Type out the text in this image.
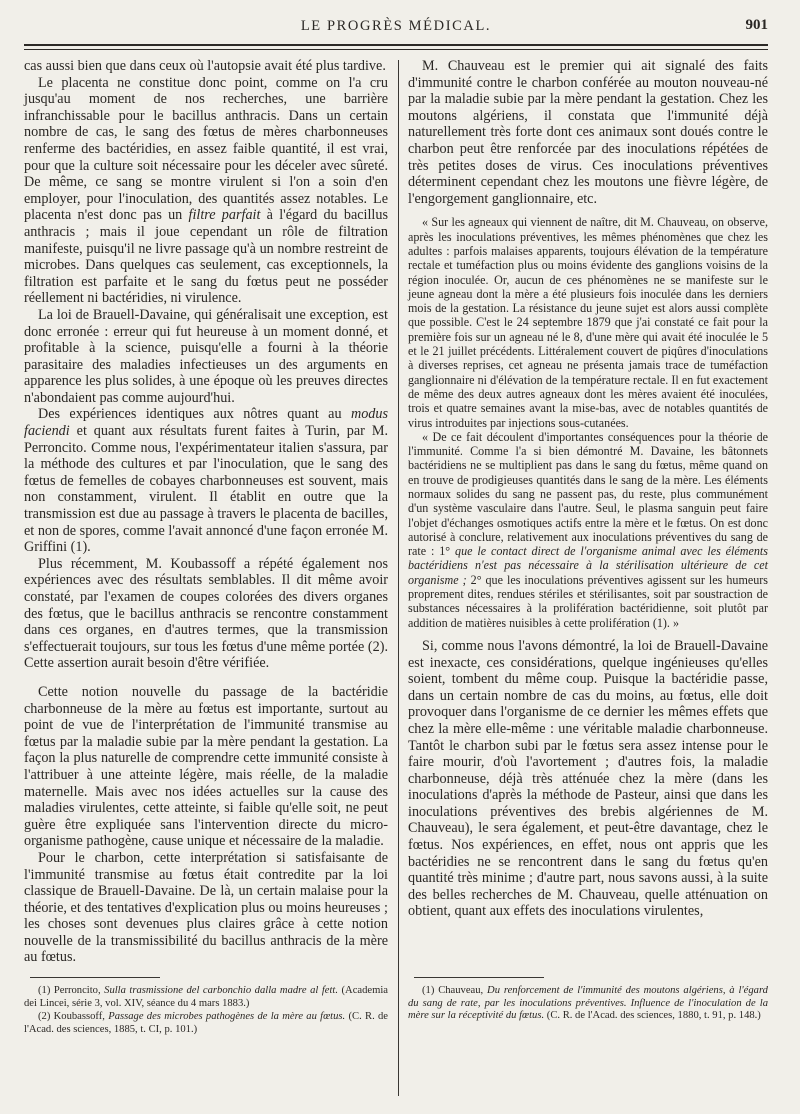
LE PROGRÈS MÉDICAL.	901

cas aussi bien que dans ceux où l'autopsie avait été plus tardive.

Le placenta ne constitue donc point, comme on l'a cru jusqu'au moment de nos recherches, une barrière infranchissable pour le bacillus anthracis. Dans un certain nombre de cas, le sang des fœtus de mères charbonneuses renferme des bactéridies, en assez faible quantité, il est vrai, pour que la culture soit nécessaire pour les déceler avec sûreté. De même, ce sang se montre virulent si l'on a soin d'en employer, pour l'inoculation, des quantités assez notables. Le placenta n'est donc pas un filtre parfait à l'égard du bacillus anthracis ; mais il joue cependant un rôle de filtration manifeste, puisqu'il ne livre passage qu'à un nombre restreint de microbes. Dans quelques cas seulement, cas exceptionnels, la filtration est parfaite et le sang du fœtus peut ne posséder réellement ni bactéridies, ni virulence.

La loi de Brauell-Davaine, qui généralisait une exception, est donc erronée : erreur qui fut heureuse à un moment donné, et profitable à la science, puisqu'elle a fourni à la théorie parasitaire des maladies infectieuses un des arguments en apparence les plus solides, à une époque où les preuves directes n'abondaient pas comme aujourd'hui.

Des expériences identiques aux nôtres quant au modus faciendi et quant aux résultats furent faites à Turin, par M. Perroncito. Comme nous, l'expérimentateur italien s'assura, par la méthode des cultures et par l'inoculation, que le sang des fœtus de femelles de cobayes charbonneuses est souvent, mais non constamment, virulent. Il établit en outre que la transmission est due au passage à travers le placenta de bacilles, et non de spores, comme l'avait annoncé d'une façon erronée M. Griffini (1).

Plus récemment, M. Koubassoff a répété également nos expériences avec des résultats semblables. Il dit même avoir constaté, par l'examen de coupes colorées des divers organes des fœtus, que le bacillus anthracis se rencontre constamment dans ces organes, en d'autres termes, que la transmission s'effectuerait toujours, sur tous les fœtus d'une même portée (2). Cette assertion aurait besoin d'être vérifiée.

Cette notion nouvelle du passage de la bactéridie charbonneuse de la mère au fœtus est importante, surtout au point de vue de l'interprétation de l'immunité transmise au fœtus par la maladie subie par la mère pendant la gestation. La façon la plus naturelle de comprendre cette immunité consiste à l'attribuer à une atteinte légère, mais réelle, de la maladie maternelle. Mais avec nos idées actuelles sur la cause des maladies virulentes, cette atteinte, si faible qu'elle soit, ne peut guère être expliquée sans l'intervention directe du micro-organisme pathogène, cause unique et nécessaire de la maladie.

Pour le charbon, cette interprétation si satisfaisante de l'immunité transmise au fœtus était contredite par la loi classique de Brauell-Davaine. De là, un certain malaise pour la théorie, et des tentatives d'explication plus ou moins heureuses ; les choses sont devenues plus claires grâce à cette notion nouvelle de la transmissibilité du bacillus anthracis de la mère au fœtus.

(1) Perroncito, Sulla trasmissione del carbonchio dalla madre al fett. (Academia dei Lincei, série 3, vol. XIV, séance du 4 mars 1883.)

(2) Koubassoff, Passage des microbes pathogènes de la mère au fœtus. (C. R. de l'Acad. des sciences, 1885, t. CI, p. 101.)

M. Chauveau est le premier qui ait signalé des faits d'immunité contre le charbon conférée au mouton nouveau-né par la maladie subie par la mère pendant la gestation. Chez les moutons algériens, il constata que l'immunité déjà naturellement très forte dont ces animaux sont doués contre le charbon peut être renforcée par des inoculations répétées de très petites doses de virus. Ces inoculations préventives déterminent cependant chez les moutons une fièvre légère, de l'engorgement ganglionnaire, etc.

« Sur les agneaux qui viennent de naître, dit M. Chauveau, on observe, après les inoculations préventives, les mêmes phénomènes que chez les adultes : parfois malaises apparents, toujours élévation de la température rectale et tuméfaction plus ou moins évidente des ganglions voisins de la région inoculée. Or, aucun de ces phénomènes ne se manifeste sur le jeune agneau dont la mère a été plusieurs fois inoculée dans les derniers mois de la gestation. La résistance du jeune sujet est alors aussi complète que possible. C'est le 24 septembre 1879 que j'ai constaté ce fait pour la première fois sur un agneau né le 8, d'une mère qui avait été inoculée le 5 et le 21 juillet précédents. Littéralement couvert de piqûres d'inoculations à diverses reprises, cet agneau ne présenta jamais trace de tuméfaction ganglionnaire ni d'élévation de la température rectale. Il en fut exactement de même des deux autres agneaux dont les mères avaient été inoculées, trois et quatre semaines avant la mise-bas, avec de notables quantités de virus introduites par injections sous-cutanées.

« De ce fait découlent d'importantes conséquences pour la théorie de l'immunité. Comme l'a si bien démontré M. Davaine, les bâtonnets bactéridiens ne se multiplient pas dans le sang du fœtus, même quand on en trouve de prodigieuses quantités dans le sang de la mère. Les éléments normaux solides du sang ne passent pas, du reste, plus communément d'un système vasculaire dans l'autre. Seul, le plasma sanguin peut faire l'objet d'échanges osmotiques actifs entre la mère et le fœtus. On est donc autorisé à conclure, relativement aux inoculations préventives du sang de rate : 1° que le contact direct de l'organisme animal avec les éléments bactéridiens n'est pas nécessaire à la stérilisation ultérieure de cet organisme ; 2° que les inoculations préventives agissent sur les humeurs proprement dites, rendues stériles et stérilisantes, soit par soustraction de substances nécessaires à la prolifération bactéridienne, soit plutôt par addition de matières nuisibles à cette prolifération (1). »

Si, comme nous l'avons démontré, la loi de Brauell-Davaine est inexacte, ces considérations, quelque ingénieuses qu'elles soient, tombent du même coup. Puisque la bactéridie passe, dans un certain nombre de cas du moins, au fœtus, elle doit provoquer dans l'organisme de ce dernier les mêmes effets que chez la mère elle-même : une véritable maladie charbonneuse. Tantôt le charbon subi par le fœtus sera assez intense pour le faire mourir, d'où l'avortement ; d'autres fois, la maladie charbonneuse, déjà très atténuée chez la mère (dans les inoculations d'après la méthode de Pasteur, ainsi que dans les inoculations préventives des brebis algériennes de M. Chauveau), le sera également, et peut-être davantage, chez le fœtus. Nos expériences, en effet, nous ont appris que les bactéridies ne se rencontrent dans le sang du fœtus qu'en quantité très minime ; d'autre part, nous savons aussi, à la suite des belles recherches de M. Chauveau, quelle atténuation on obtient, quant aux effets des inoculations virulentes,

(1) Chauveau, Du renforcement de l'immunité des moutons algériens, à l'égard du sang de rate, par les inoculations préventives. Influence de l'inoculation de la mère sur la réceptivité du fœtus. (C. R. de l'Acad. des sciences, 1880, t. 91, p. 148.)
